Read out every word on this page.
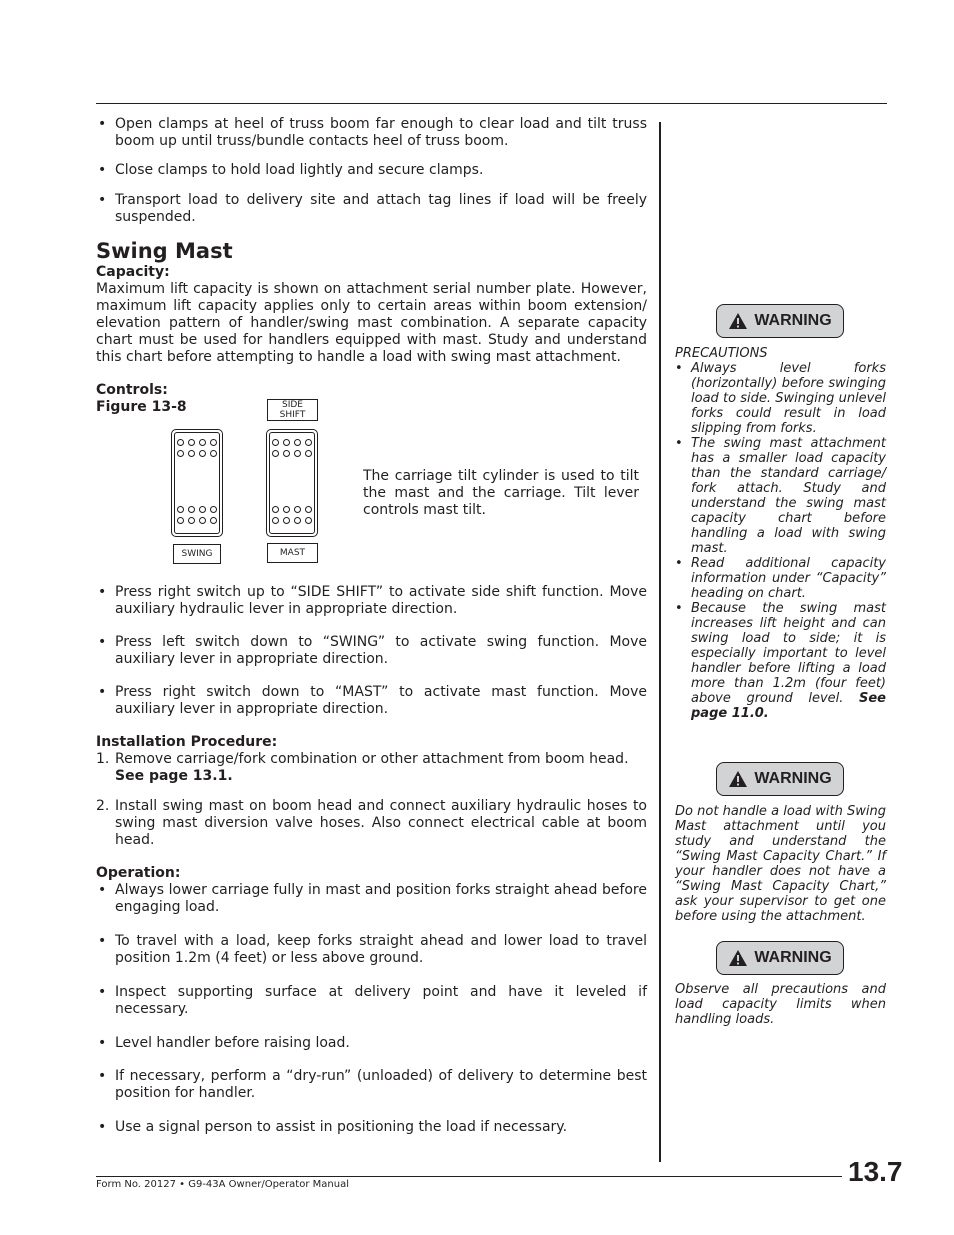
• Open clamps at heel of truss boom far enough to clear load and tilt truss boom up until truss/bundle contacts heel of truss boom.
• Close clamps to hold load lightly and secure clamps.
• Transport load to delivery site and attach tag lines if load will be freely suspended.
Swing Mast
Capacity:
Maximum lift capacity is shown on attachment serial number plate. However, maximum lift capacity applies only to certain areas within boom extension/ elevation pattern of handler/swing mast combination. A separate capacity chart must be used for handlers equipped with mast. Study and understand this chart before attempting to handle a load with swing mast attachment.
Controls:
Figure 13-8	SIDE SHIFT
SWING	MAST
The carriage tilt cylinder is used to tilt the mast and the carriage. Tilt lever controls mast tilt.
• Press right switch up to “SIDE SHIFT” to activate side shift function. Move auxiliary hydraulic lever in appropriate direction.
• Press left switch down to “SWING” to activate swing function. Move auxiliary lever in appropriate direction.
• Press right switch down to “MAST” to activate mast function. Move auxiliary lever in appropriate direction.
Installation Procedure:
1. Remove carriage/fork combination or other attachment from boom head.
See page 13.1.
2. Install swing mast on boom head and connect auxiliary hydraulic hoses to swing mast diversion valve hoses. Also connect electrical cable at boom head.
Operation:
• Always lower carriage fully in mast and position forks straight ahead before engaging load.
• To travel with a load, keep forks straight ahead and lower load to travel position 1.2m (4 feet) or less above ground.
• Inspect supporting surface at delivery point and have it leveled if necessary.
• Level handler before raising load.
• If necessary, perform a “dry-run” (unloaded) of delivery to determine best position for handler.
• Use a signal person to assist in positioning the load if necessary.
WARNING
PRECAUTIONS
• Always level forks (horizontally) before swinging load to side. Swinging unlevel forks could result in load slipping from forks.
• The swing mast attachment has a smaller load capacity than the standard carriage/ fork attach. Study and understand the swing mast capacity chart before handling a load with swing mast.
• Read additional capacity information under “Capacity” heading on chart.
• Because the swing mast increases lift height and can swing load to side; it is especially important to level handler before lifting a load more than 1.2m (four feet) above ground level. See page 11.0.
WARNING
Do not handle a load with Swing Mast attachment until you study and understand the “Swing Mast Capacity Chart.” If your handler does not have a “Swing Mast Capacity Chart,” ask your supervisor to get one before using the attachment.
WARNING
Observe all precautions and load capacity limits when handling loads.
Form No. 20127 • G9-43A Owner/Operator Manual	13.7
